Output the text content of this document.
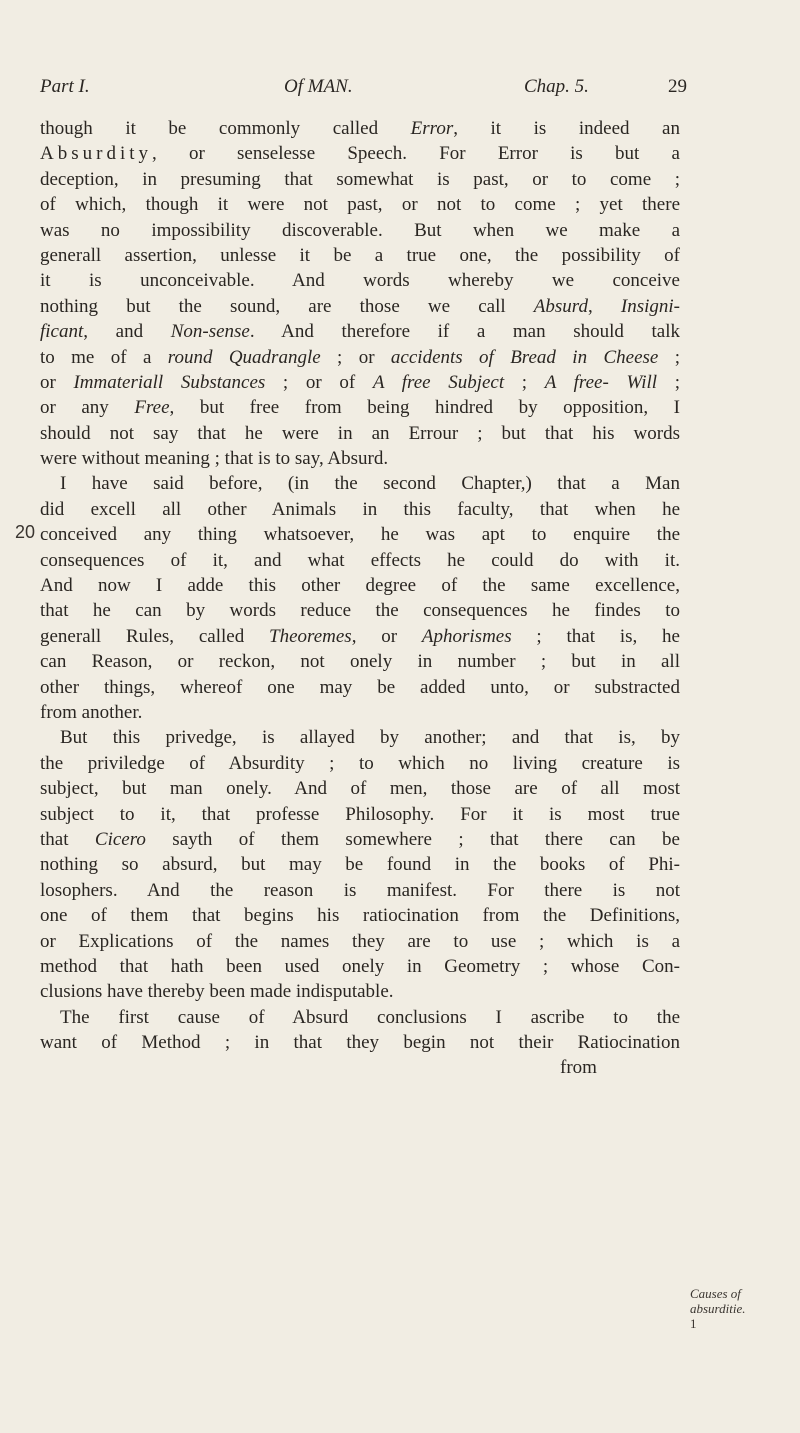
Part I.	Of MAN.	Chap. 5.	29
20
though it be commonly called Error, it is indeed an
Absurdity, or senselesse Speech. For Error is but a
deception, in presuming that somewhat is past, or to come ;
of which, though it were not past, or not to come ; yet there
was no impossibility discoverable. But when we make a
generall assertion, unlesse it be a true one, the possibility of
it is unconceivable. And words whereby we conceive
nothing but the sound, are those we call Absurd, Insigni-
ficant, and Non-sense. And therefore if a man should talk
to me of a round Quadrangle ; or accidents of Bread in Cheese ;
or Immateriall Substances ; or of A free Subject ; A free- Will ;
or any Free, but free from being hindred by opposition, I
should not say that he were in an Errour ; but that his words
were without meaning ; that is to say, Absurd.
I have said before, (in the second Chapter,) that a Man
did excell all other Animals in this faculty, that when he
conceived any thing whatsoever, he was apt to enquire the
consequences of it, and what effects he could do with it.
And now I adde this other degree of the same excellence,
that he can by words reduce the consequences he findes to
generall Rules, called Theoremes, or Aphorismes ; that is, he
can Reason, or reckon, not onely in number ; but in all
other things, whereof one may be added unto, or substracted
from another.
But this privedge, is allayed by another; and that is, by
the priviledge of Absurdity ; to which no living creature is
subject, but man onely. And of men, those are of all most
subject to it, that professe Philosophy. For it is most true
that Cicero sayth of them somewhere ; that there can be
nothing so absurd, but may be found in the books of Phi-
losophers. And the reason is manifest. For there is not
one of them that begins his ratiocination from the Definitions,
or Explications of the names they are to use ; which is a
method that hath been used onely in Geometry ; whose Con-
clusions have thereby been made indisputable.
The first cause of Absurd conclusions I ascribe to the
want of Method ; in that they begin not their Ratiocination
from
Causes of
absurditie.
1
